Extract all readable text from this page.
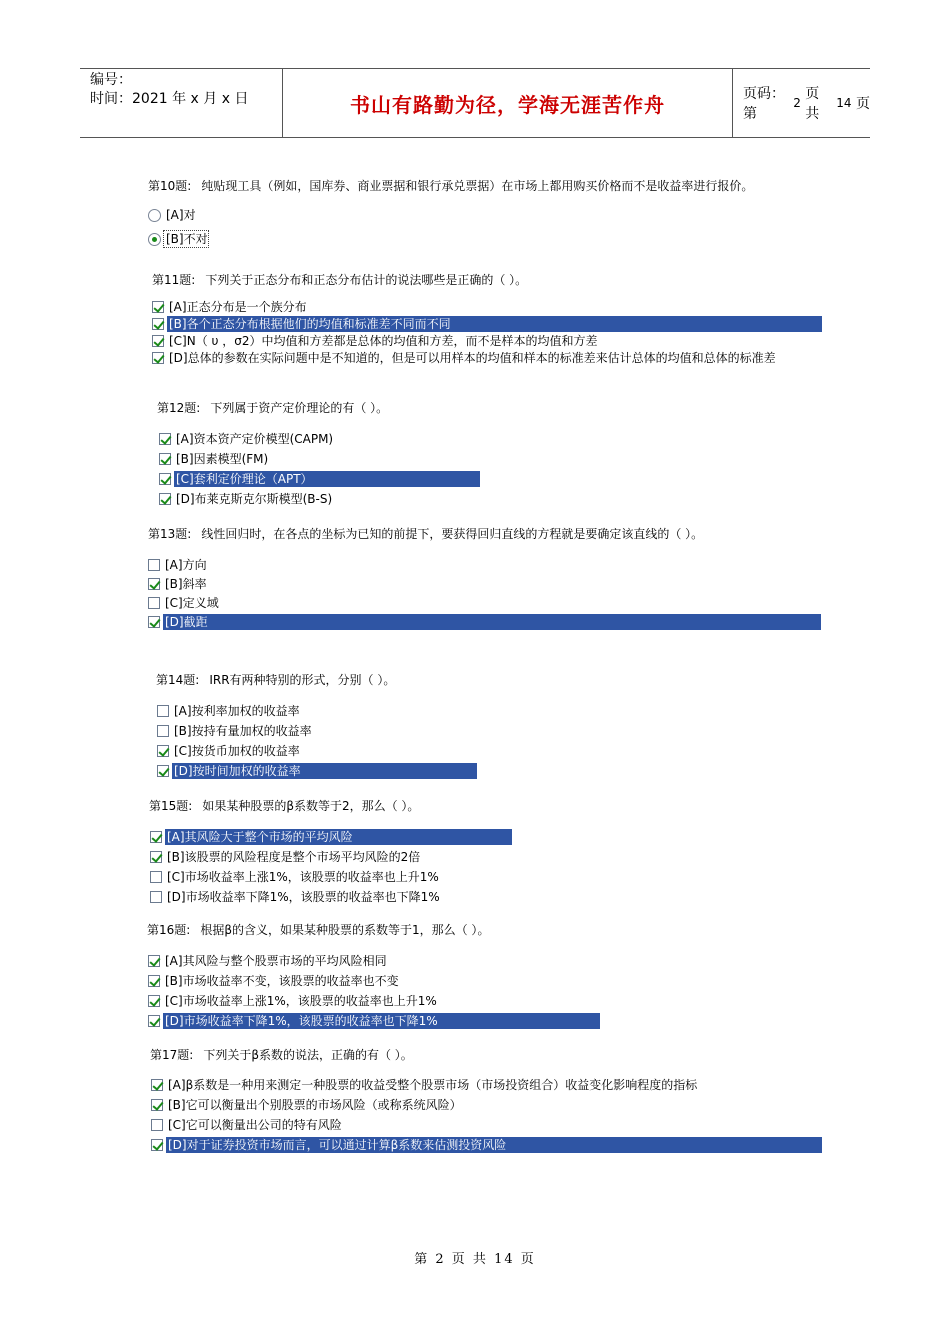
编号：
时间：2021 年 x 月 x 日	书山有路勤为径，学海无涯苦作舟	页码：第

2

页 共

14
页
第10题: 纯贴现工具（例如，国库券、商业票据和银行承兑票据）在市场上都用购买价格而不是收益率进行报价。
[A]对
[B]不对
第11题: 下列关于正态分布和正态分布估计的说法哪些是正确的（ ）。
[A]正态分布是一个族分布
[B]各个正态分布根据他们的均值和标准差不同而不同
[C]N（ υ ，σ2）中均值和方差都是总体的均值和方差，而不是样本的均值和方差
[D]总体的参数在实际问题中是不知道的，但是可以用样本的均值和样本的标准差来估计总体的均值和总体的标准差
第12题: 下列属于资产定价理论的有（ ）。
[A]资本资产定价模型(CAPM)
[B]因素模型(FM)
[C]套利定价理论（APT）
[D]布莱克斯克尔斯模型(B-S)
第13题: 线性回归时，在各点的坐标为已知的前提下，要获得回归直线的方程就是要确定该直线的（ ）。
[A]方向
[B]斜率
[C]定义域
[D]截距
第14题: IRR有两种特别的形式，分别（ ）。
[A]按利率加权的收益率
[B]按持有量加权的收益率
[C]按货币加权的收益率
[D]按时间加权的收益率
第15题: 如果某种股票的β系数等于2，那么（ ）。
[A]其风险大于整个市场的平均风险
[B]该股票的风险程度是整个市场平均风险的2倍
[C]市场收益率上涨1%，该股票的收益率也上升1%
[D]市场收益率下降1%，该股票的收益率也下降1%
第16题: 根据β的含义，如果某种股票的系数等于1，那么（ ）。
[A]其风险与整个股票市场的平均风险相同
[B]市场收益率不变，该股票的收益率也不变
[C]市场收益率上涨1%，该股票的收益率也上升1%
[D]市场收益率下降1%，该股票的收益率也下降1%
第17题: 下列关于β系数的说法，正确的有（ ）。
[A]β系数是一种用来测定一种股票的收益受整个股票市场（市场投资组合）收益变化影响程度的指标
[B]它可以衡量出个别股票的市场风险（或称系统风险）
[C]它可以衡量出公司的特有风险
[D]对于证券投资市场而言，可以通过计算β系数来估测投资风险
第 2 页 共 14 页
